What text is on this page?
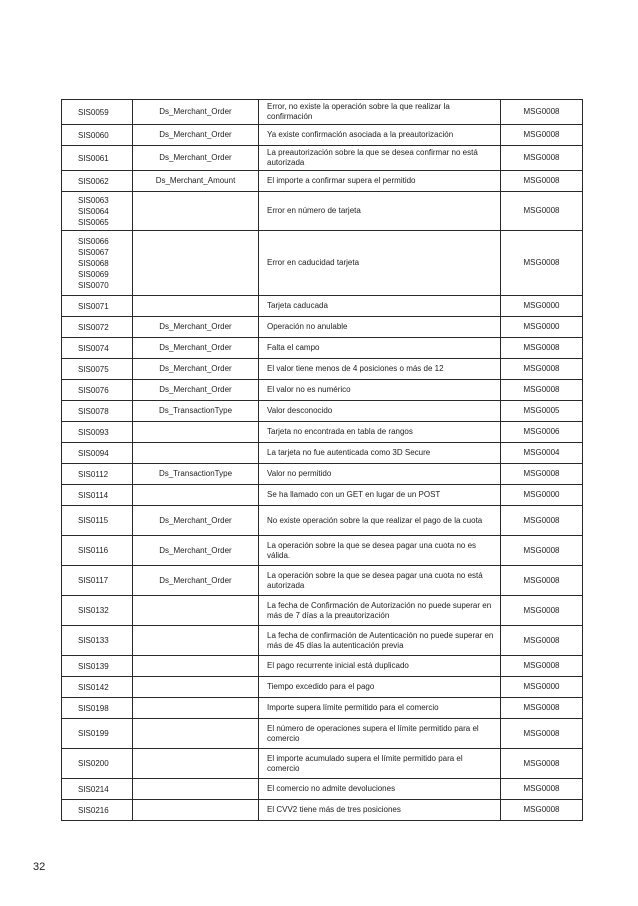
SIS0059	Ds_Merchant_Order	Error, no existe la operación sobre la que realizar la confirmación	MSG0008

SIS0060	Ds_Merchant_Order	Ya existe confirmación asociada a la preautorización	MSG0008

SIS0061	Ds_Merchant_Order	La preautorización sobre la que se desea confirmar no está autorizada	MSG0008

SIS0062	Ds_Merchant_Amount	El importe a confirmar supera el permitido	MSG0008

SIS0063
SIS0064
SIS0065		Error en número de tarjeta	MSG0008

SIS0066
SIS0067
SIS0068
SIS0069
SIS0070		Error en caducidad tarjeta	MSG0008

SIS0071		Tarjeta caducada	MSG0000

SIS0072	Ds_Merchant_Order	Operación no anulable	MSG0000

SIS0074	Ds_Merchant_Order	Falta el campo	MSG0008

SIS0075	Ds_Merchant_Order	El valor tiene menos de 4 posiciones o más de 12	MSG0008

SIS0076	Ds_Merchant_Order	El valor no es numérico	MSG0008

SIS0078	Ds_TransactionType	Valor desconocido	MSG0005

SIS0093		Tarjeta no encontrada en tabla de rangos	MSG0006

SIS0094		La tarjeta no fue autenticada como 3D Secure	MSG0004

SIS0112	Ds_TransactionType	Valor no permitido	MSG0008

SIS0114		Se ha llamado con un GET en lugar de un POST	MSG0000

SIS0115	Ds_Merchant_Order	No existe operación sobre la que realizar el pago de la cuota	MSG0008

SIS0116	Ds_Merchant_Order	La operación sobre la que se desea pagar una cuota no es válida.	MSG0008

SIS0117	Ds_Merchant_Order	La operación sobre la que se desea pagar una cuota no está autorizada	MSG0008

SIS0132		La fecha de Confirmación de Autorización no puede superar en más de 7 días a la preautorización	MSG0008

SIS0133		La fecha de confirmación de Autenticación no puede superar en más de 45 días la autenticación previa	MSG0008

SIS0139		El pago recurrente inicial está duplicado	MSG0008

SIS0142		Tiempo excedido para el pago	MSG0000

SIS0198		Importe supera límite permitido para el comercio	MSG0008

SIS0199		El número de operaciones supera el límite permitido para el comercio	MSG0008

SIS0200		El importe acumulado supera el límite permitido para el comercio	MSG0008

SIS0214		El comercio no admite devoluciones	MSG0008

SIS0216		El CVV2 tiene más de tres posiciones	MSG0008
32
